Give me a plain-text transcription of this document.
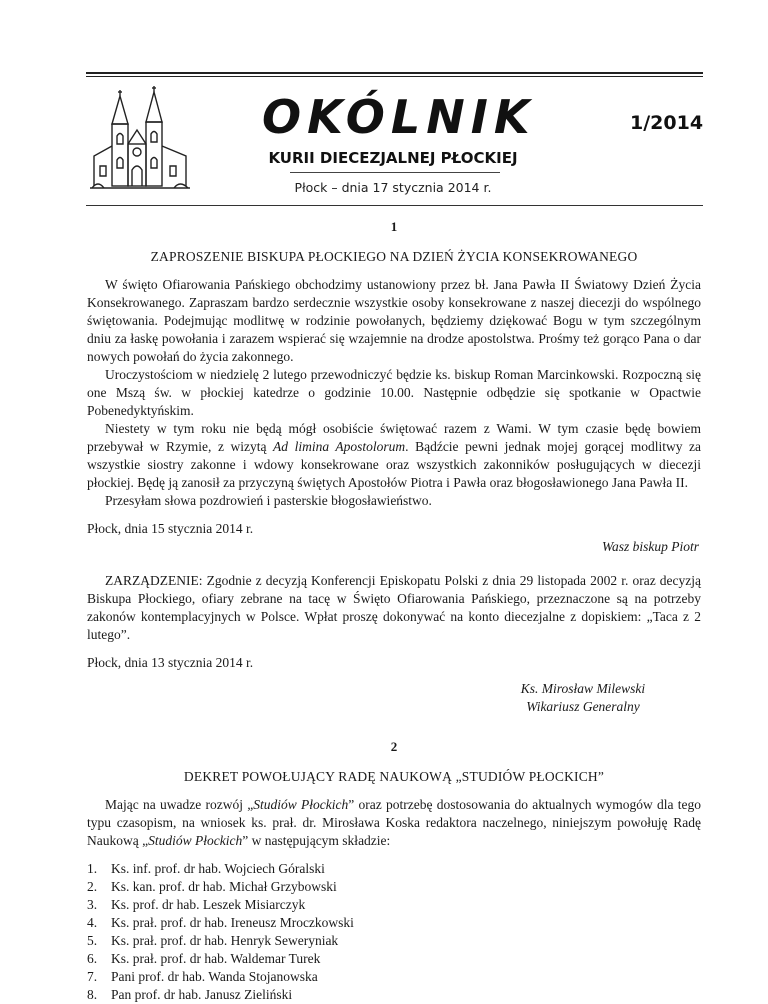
OKÓLNIK	1/2014
KURII DIECEZJALNEJ PŁOCKIEJ
Płock – dnia 17 stycznia 2014 r.

1

ZAPROSZENIE BISKUPA PŁOCKIEGO NA DZIEŃ ŻYCIA KONSEKROWANEGO

W święto Ofiarowania Pańskiego obchodzimy ustanowiony przez bł. Jana Pawła II Światowy Dzień Życia Konsekrowanego. Zapraszam bardzo serdecznie wszystkie osoby konsekrowane z naszej diecezji do wspólnego świętowania. Podejmując modlitwę w rodzinie powołanych, będziemy dziękować Bogu w tym szczególnym dniu za łaskę powołania i zarazem wspierać się wzajemnie na drodze apostolstwa. Prośmy też gorąco Pana o dar nowych powołań do życia zakonnego.

Uroczystościom w niedzielę 2 lutego przewodniczyć będzie ks. biskup Roman Marcinkowski. Rozpoczną się one Mszą św. w płockiej katedrze o godzinie 10.00. Następnie odbędzie się spotkanie w Opactwie Pobenedyktyńskim.

Niestety w tym roku nie będą mógł osobiście świętować razem z Wami. W tym czasie będę bowiem przebywał w Rzymie, z wizytą Ad limina Apostolorum. Bądźcie pewni jednak mojej gorącej modlitwy za wszystkie siostry zakonne i wdowy konsekrowane oraz wszystkich zakonników posługujących w diecezji płockiej. Będę ją zanosił za przyczyną świętych Apostołów Piotra i Pawła oraz błogosławionego Jana Pawła II.

Przesyłam słowa pozdrowień i pasterskie błogosławieństwo.

Płock, dnia 15 stycznia 2014 r.

Wasz biskup Piotr

ZARZĄDZENIE: Zgodnie z decyzją Konferencji Episkopatu Polski z dnia 29 listopada 2002 r. oraz decyzją Biskupa Płockiego, ofiary zebrane na tacę w Święto Ofiarowania Pańskiego, przeznaczone są na potrzeby zakonów kontemplacyjnych w Polsce. Wpłat proszę dokonywać na konto diecezjalne z dopiskiem: „Taca z 2 lutego”.

Płock, dnia 13 stycznia 2014 r.

Ks. Mirosław Milewski

Wikariusz Generalny

2

DEKRET POWOŁUJĄCY RADĘ NAUKOWĄ „STUDIÓW PŁOCKICH”

Mając na uwadze rozwój „Studiów Płockich” oraz potrzebę dostosowania do aktualnych wymogów dla tego typu czasopism, na wniosek ks. prał. dr. Mirosława Koska redaktora naczelnego, niniejszym powołuję Radę Naukową „Studiów Płockich” w następującym składzie:

1. Ks. inf. prof. dr hab. Wojciech Góralski
2. Ks. kan. prof. dr hab. Michał Grzybowski
3. Ks. prof. dr hab. Leszek Misiarczyk
4. Ks. prał. prof. dr hab. Ireneusz Mroczkowski
5. Ks. prał. prof. dr hab. Henryk Seweryniak
6. Ks. prał. prof. dr hab. Waldemar Turek
7. Pani prof. dr hab. Wanda Stojanowska
8. Pan prof. dr hab. Janusz Zieliński
